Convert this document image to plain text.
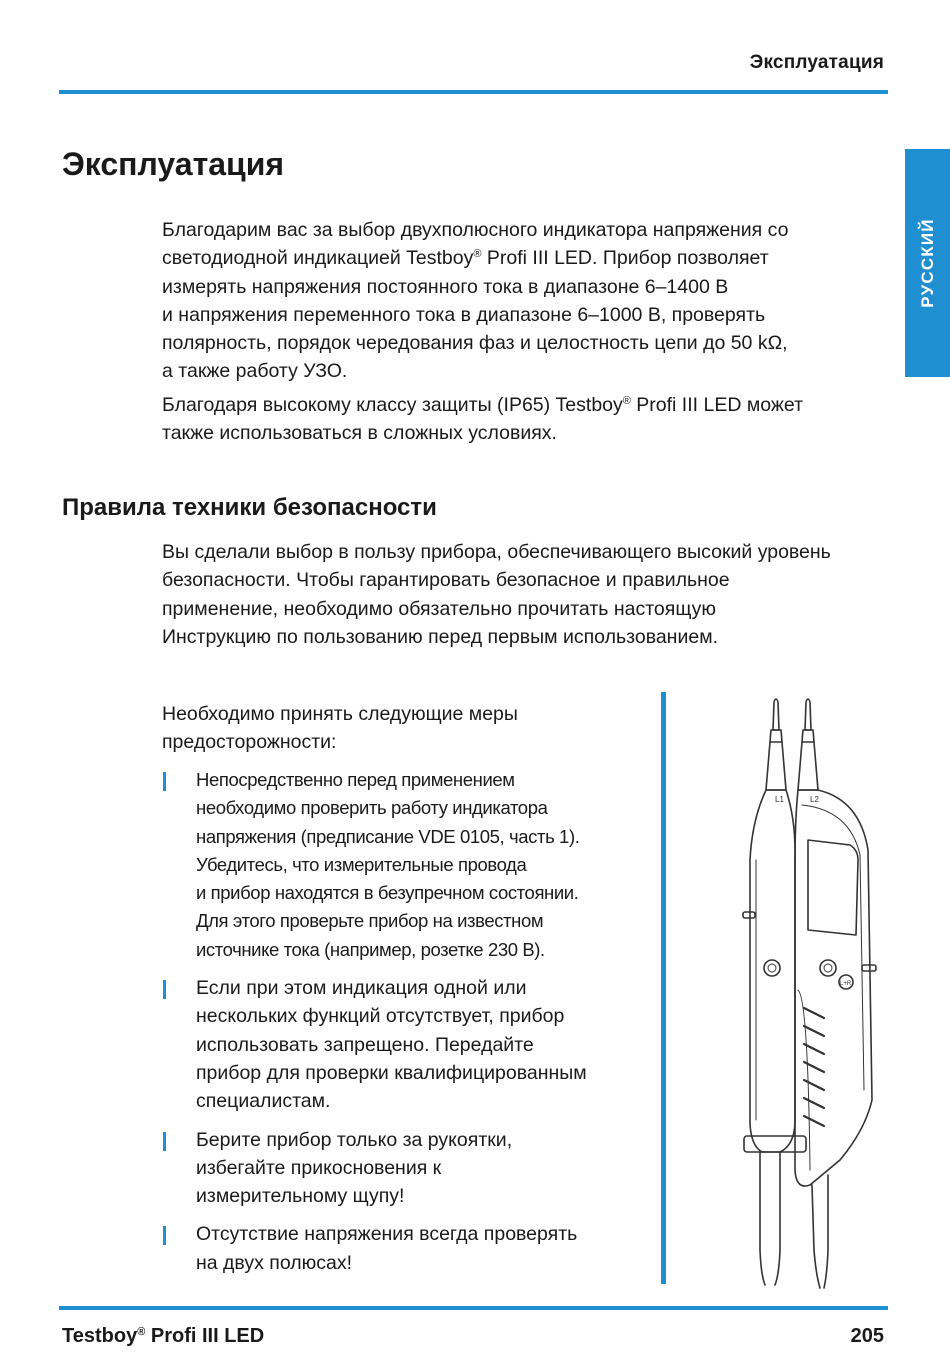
Эксплуатация
РУССКИЙ
Эксплуатация

Благодарим вас за выбор двухполюсного индикатора напряжения со

светодиодной индикацией Testboy® Profi III LED. Прибор позволяет

измерять напряжения постоянного тока в диапазоне 6–1400 В

и напряжения переменного тока в диапазоне 6–1000 В, проверять

полярность, порядок чередования фаз и целостность цепи до 50 kΩ,

а также работу УЗО.

Благодаря высокому классу защиты (IP65) Testboy® Profi III LED может

также использоваться в сложных условиях.

Правила техники безопасности

Вы сделали выбор в пользу прибора, обеспечивающего высокий уровень

безопасности. Чтобы гарантировать безопасное и правильное

применение, необходимо обязательно прочитать настоящую

Инструкцию по пользованию перед первым использованием.

Необходимо принять следующие меры

предосторожности:

Непосредственно перед применением
необходимо проверить работу индикатора
напряжения (предписание VDE 0105, часть 1).
Убедитесь, что измерительные провода
и прибор находятся в безупречном состоянии.
Для этого проверьте прибор на известном
источнике тока (например, розетке 230 В).
Если при этом индикация одной или
нескольких функций отсутствует, прибор
использовать запрещено. Передайте
прибор для проверки квалифицированным
специалистам.
Берите прибор только за рукоятки,
избегайте прикосновения к
измерительному щупу!
Отсутствие напряжения всегда проверять
на двух полюсах!
L1	L2
L+R
Testboy® Profi III LED	205
